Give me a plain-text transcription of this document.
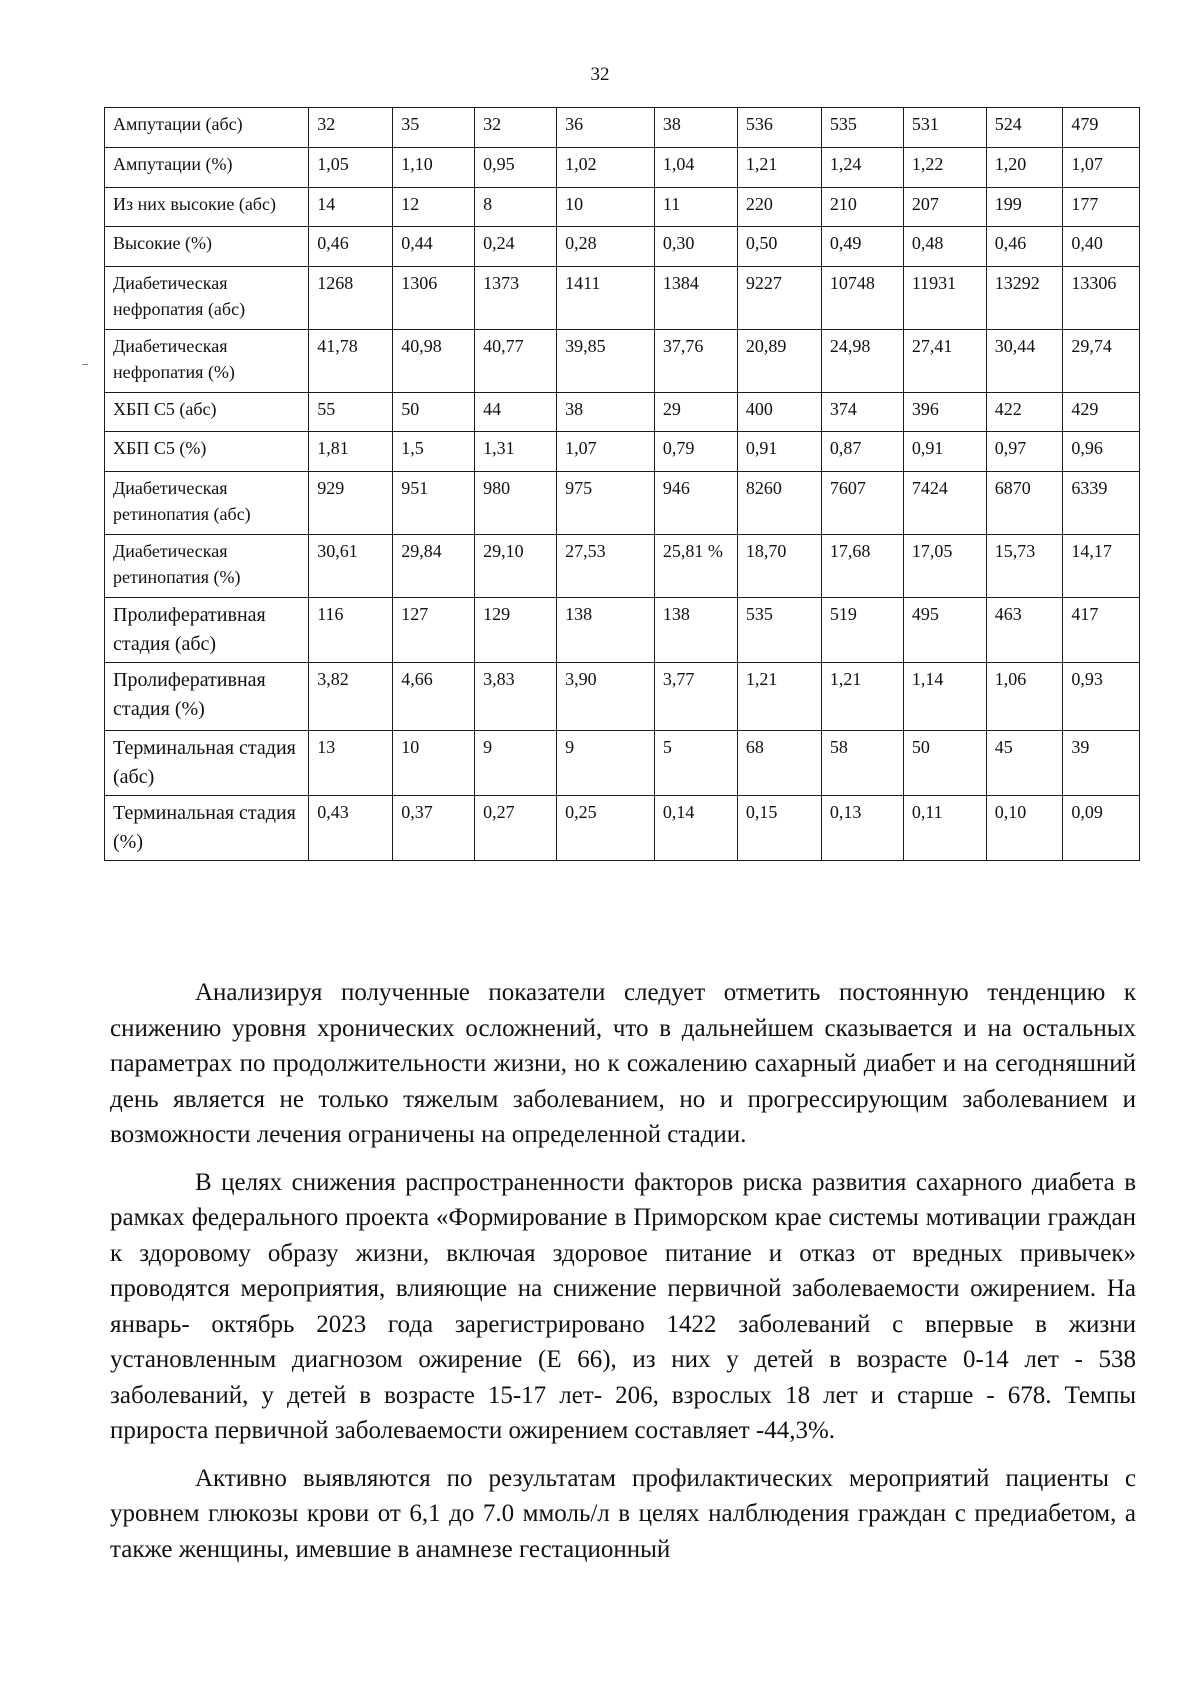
32
Ампутации (абс)	32	35	32	36	38	536	535	531	524	479
Ампутации (%)	1,05	1,10	0,95	1,02	1,04	1,21	1,24	1,22	1,20	1,07
Из них высокие (абс)	14	12	8	10	11	220	210	207	199	177
Высокие (%)	0,46	0,44	0,24	0,28	0,30	0,50	0,49	0,48	0,46	0,40
Диабетическая нефропатия (абс)	1268	1306	1373	1411	1384	9227	10748	11931	13292	13306
Диабетическая нефропатия (%)	41,78	40,98	40,77	39,85	37,76	20,89	24,98	27,41	30,44	29,74
ХБП С5 (абс)	55	50	44	38	29	400	374	396	422	429
ХБП С5 (%)	1,81	1,5	1,31	1,07	0,79	0,91	0,87	0,91	0,97	0,96
Диабетическая ретинопатия (абс)	929	951	980	975	946	8260	7607	7424	6870	6339
Диабетическая ретинопатия (%)	30,61	29,84	29,10	27,53	25,81 %	18,70	17,68	17,05	15,73	14,17
Пролиферативная стадия (абс)	116	127	129	138	138	535	519	495	463	417
Пролиферативная стадия (%)	3,82	4,66	3,83	3,90	3,77	1,21	1,21	1,14	1,06	0,93
Терминальная стадия (абс)	13	10	9	9	5	68	58	50	45	39
Терминальная стадия (%)	0,43	0,37	0,27	0,25	0,14	0,15	0,13	0,11	0,10	0,09

Анализируя полученные показатели следует отметить постоянную тенденцию к снижению уровня хронических осложнений, что в дальнейшем сказывается и на остальных параметрах по продолжительности жизни, но к сожалению сахарный диабет и на сегодняшний день является не только тяжелым заболеванием, но и прогрессирующим заболеванием и возможности лечения ограничены на определенной стадии.

В целях снижения распространенности факторов риска развития сахарного диабета в рамках федерального проекта «Формирование в Приморском крае системы мотивации граждан к здоровому образу жизни, включая здоровое питание и отказ от вредных привычек» проводятся мероприятия, влияющие на снижение первичной заболеваемости ожирением. На январь- октябрь 2023 года зарегистрировано 1422 заболеваний с впервые в жизни установленным диагнозом ожирение (Е 66), из них у детей в возрасте 0-14 лет - 538 заболеваний, у детей в возрасте 15-17 лет- 206, взрослых 18 лет и старше - 678. Темпы прироста первичной заболеваемости ожирением составляет -44,3%.

Активно выявляются по результатам профилактических мероприятий пациенты с уровнем глюкозы крови от 6,1 до 7.0 ммоль/л в целях налблюдения граждан с предиабетом, а также женщины, имевшие в анамнезе гестационный
